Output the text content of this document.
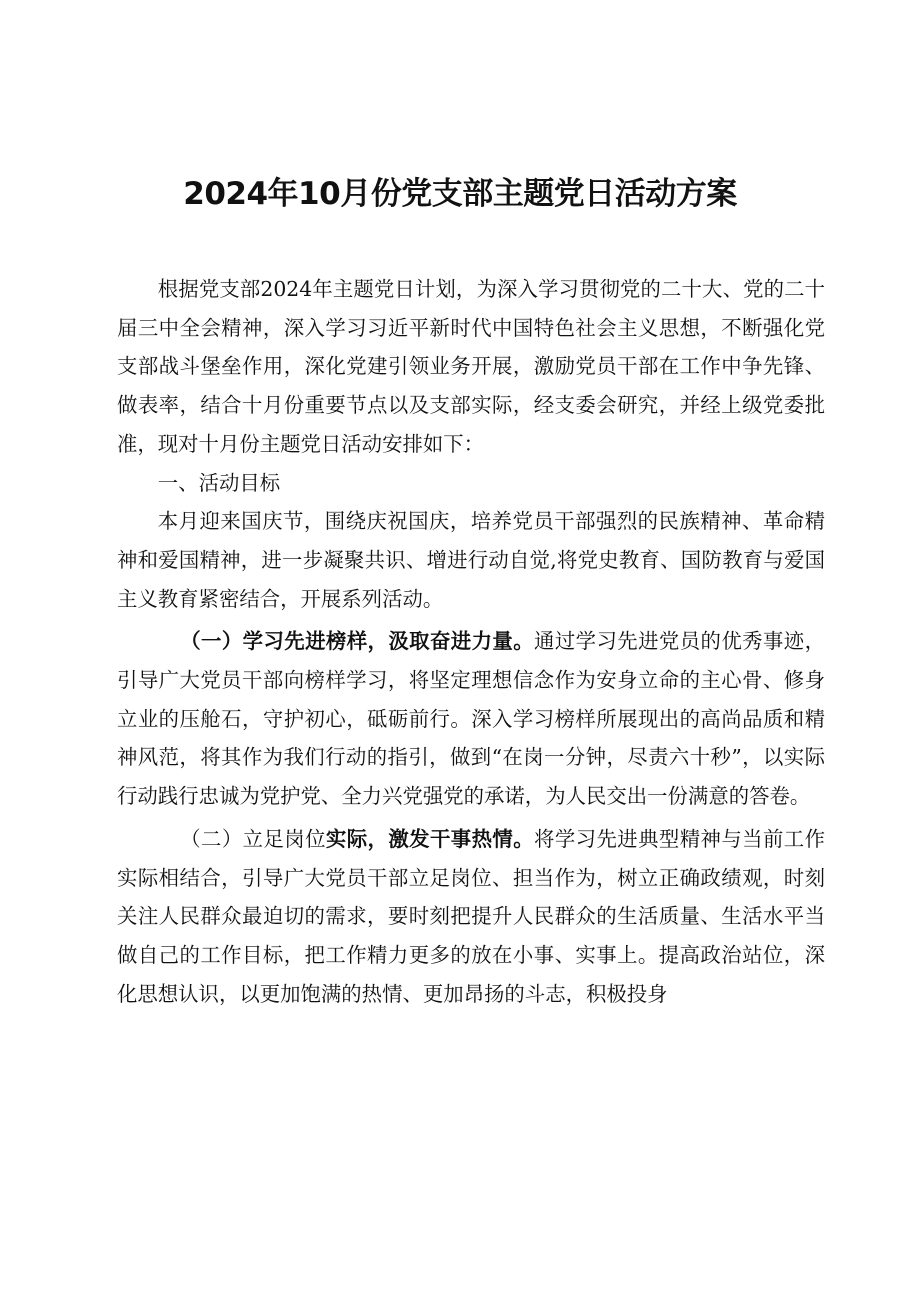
2024年10月份党支部主题党日活动方案

根据党支部2024年主题党日计划，为深入学习贯彻党的二十大、党的二十届三中全会精神，深入学习习近平新时代中国特色社会主义思想，不断强化党支部战斗堡垒作用，深化党建引领业务开展，激励党员干部在工作中争先锋、做表率，结合十月份重要节点以及支部实际，经支委会研究，并经上级党委批准，现对十月份主题党日活动安排如下：

一、活动目标

本月迎来国庆节，围绕庆祝国庆，培养党员干部强烈的民族精神、革命精神和爱国精神，进一步凝聚共识、增进行动自觉,将党史教育、国防教育与爱国主义教育紧密结合，开展系列活动。

（一）学习先进榜样，汲取奋进力量。通过学习先进党员的优秀事迹，引导广大党员干部向榜样学习，将坚定理想信念作为安身立命的主心骨、修身立业的压舱石，守护初心，砥砺前行。深入学习榜样所展现出的高尚品质和精神风范，将其作为我们行动的指引，做到“在岗一分钟，尽责六十秒”，以实际行动践行忠诚为党护党、全力兴党强党的承诺，为人民交出一份满意的答卷。

（二）立足岗位实际，激发干事热情。将学习先进典型精神与当前工作实际相结合，引导广大党员干部立足岗位、担当作为，树立正确政绩观，时刻关注人民群众最迫切的需求，要时刻把提升人民群众的生活质量、生活水平当做自己的工作目标，把工作精力更多的放在小事、实事上。提高政治站位，深化思想认识，以更加饱满的热情、更加昂扬的斗志，积极投身
